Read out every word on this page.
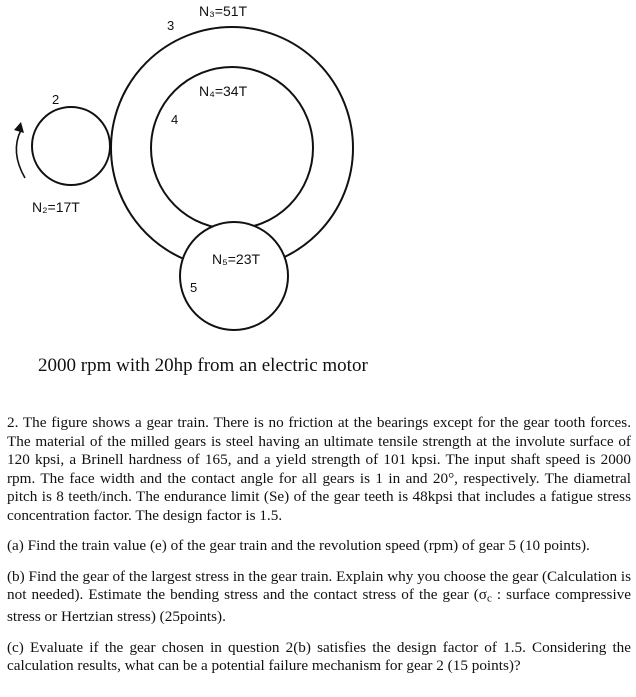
2
N₂=17T
3
N₃=51T
4
N₄=34T
5
N₅=23T
2000 rpm with 20hp from an electric motor

2. The figure shows a gear train. There is no friction at the bearings except for the gear tooth forces. The material of the milled gears is steel having an ultimate tensile strength at the involute surface of 120 kpsi, a Brinell hardness of 165, and a yield strength of 101 kpsi. The input shaft speed is 2000 rpm. The face width and the contact angle for all gears is 1 in and 20°, respectively. The diametral pitch is 8 teeth/inch. The endurance limit (Se) of the gear teeth is 48kpsi that includes a fatigue stress concentration factor. The design factor is 1.5.

(a) Find the train value (e) of the gear train and the revolution speed (rpm) of gear 5 (10 points).

(b) Find the gear of the largest stress in the gear train. Explain why you choose the gear (Calculation is not needed). Estimate the bending stress and the contact stress of the gear (σc : surface compressive stress or Hertzian stress) (25points).

(c) Evaluate if the gear chosen in question 2(b) satisfies the design factor of 1.5. Considering the calculation results, what can be a potential failure mechanism for gear 2 (15 points)?
